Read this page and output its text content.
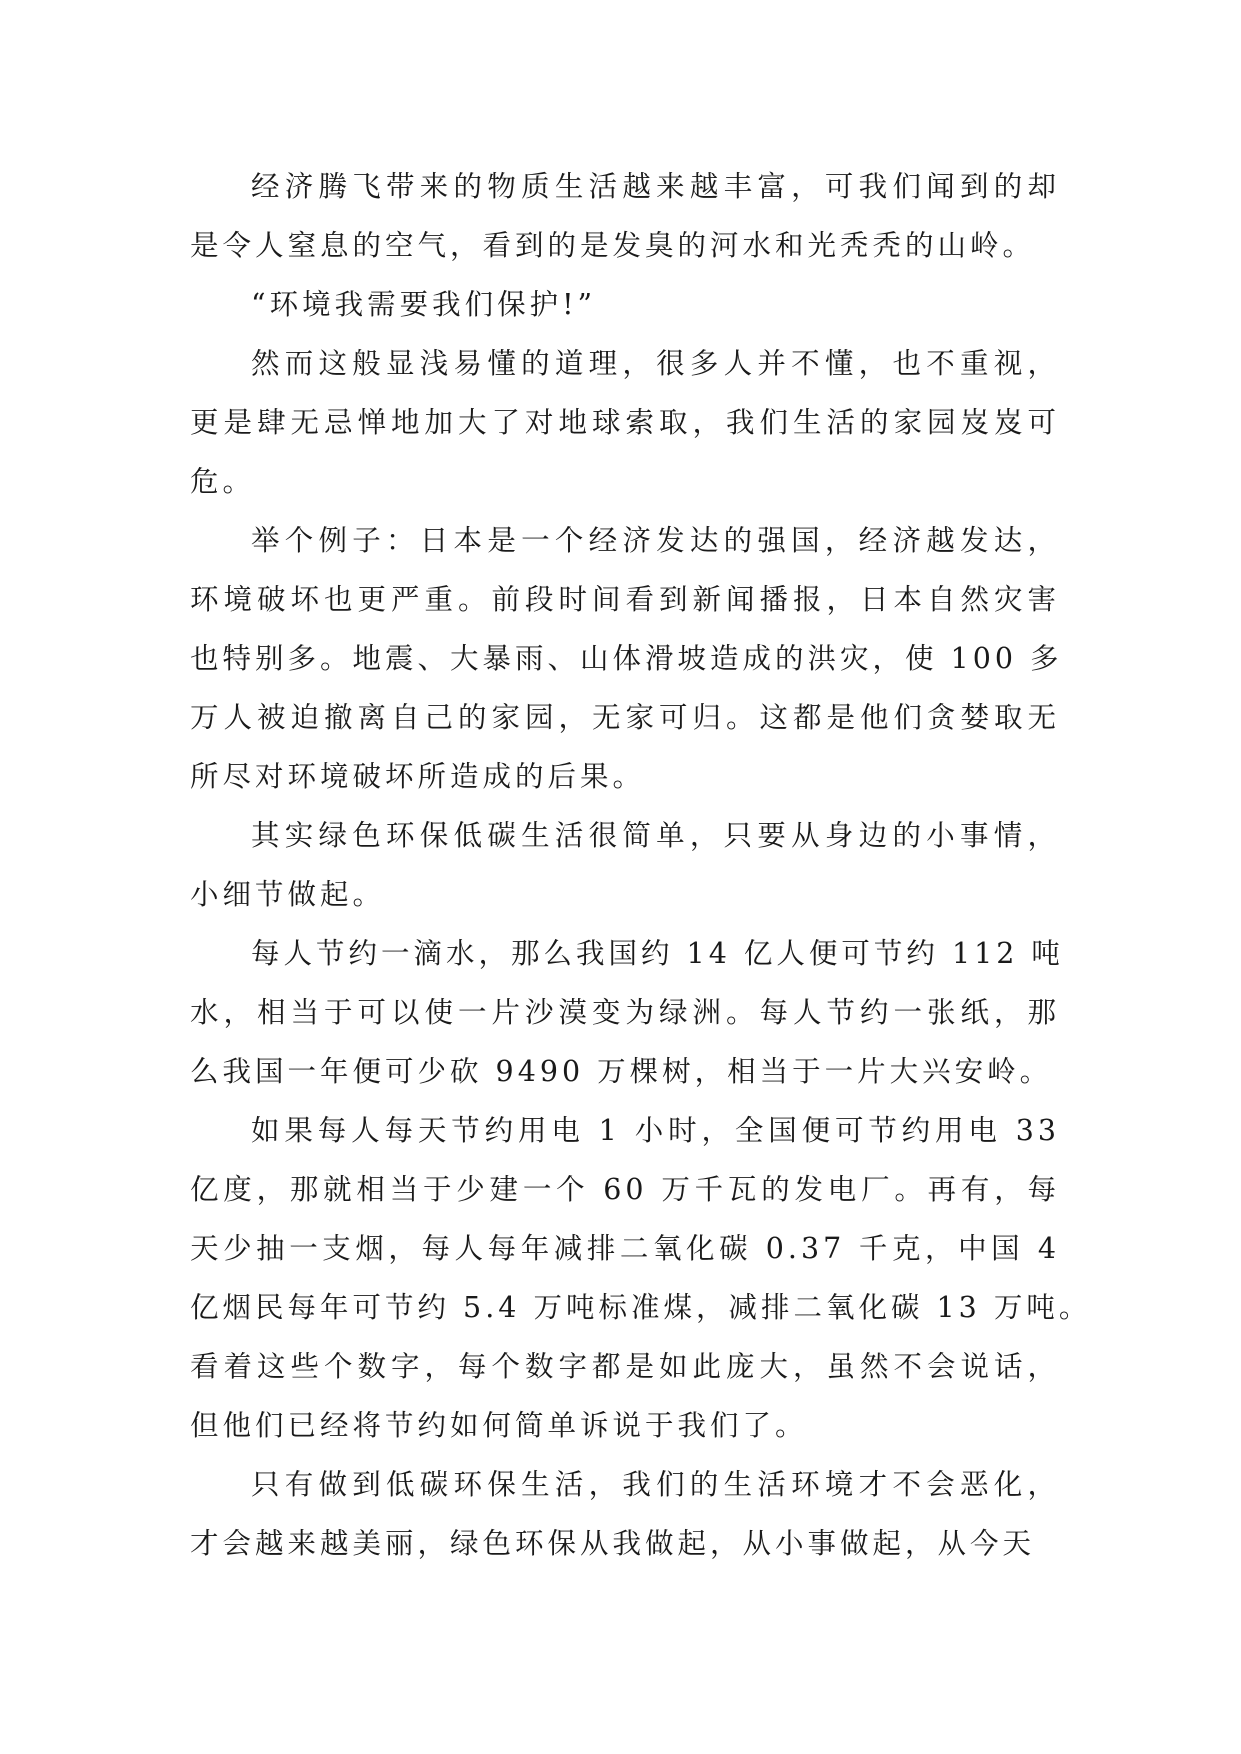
经济腾飞带来的物质生活越来越丰富，可我们闻到的却
是令人窒息的空气，看到的是发臭的河水和光秃秃的山岭。

“环境我需要我们保护!”

然而这般显浅易懂的道理，很多人并不懂，也不重视，
更是肆无忌惮地加大了对地球索取，我们生活的家园岌岌可
危。

举个例子：日本是一个经济发达的强国，经济越发达，
环境破坏也更严重。前段时间看到新闻播报，日本自然灾害
也特别多。地震、大暴雨、山体滑坡造成的洪灾，使 100 多
万人被迫撤离自己的家园，无家可归。这都是他们贪婪取无
所尽对环境破坏所造成的后果。

其实绿色环保低碳生活很简单，只要从身边的小事情，
小细节做起。

每人节约一滴水，那么我国约 14 亿人便可节约 112 吨
水，相当于可以使一片沙漠变为绿洲。每人节约一张纸，那
么我国一年便可少砍 9490 万棵树，相当于一片大兴安岭。

如果每人每天节约用电 1 小时，全国便可节约用电 33
亿度，那就相当于少建一个 60 万千瓦的发电厂。再有，每
天少抽一支烟，每人每年减排二氧化碳 0.37 千克，中国 4
亿烟民每年可节约 5.4 万吨标准煤，减排二氧化碳 13 万吨。
看着这些个数字，每个数字都是如此庞大，虽然不会说话，
但他们已经将节约如何简单诉说于我们了。

只有做到低碳环保生活，我们的生活环境才不会恶化，
才会越来越美丽，绿色环保从我做起，从小事做起，从今天
